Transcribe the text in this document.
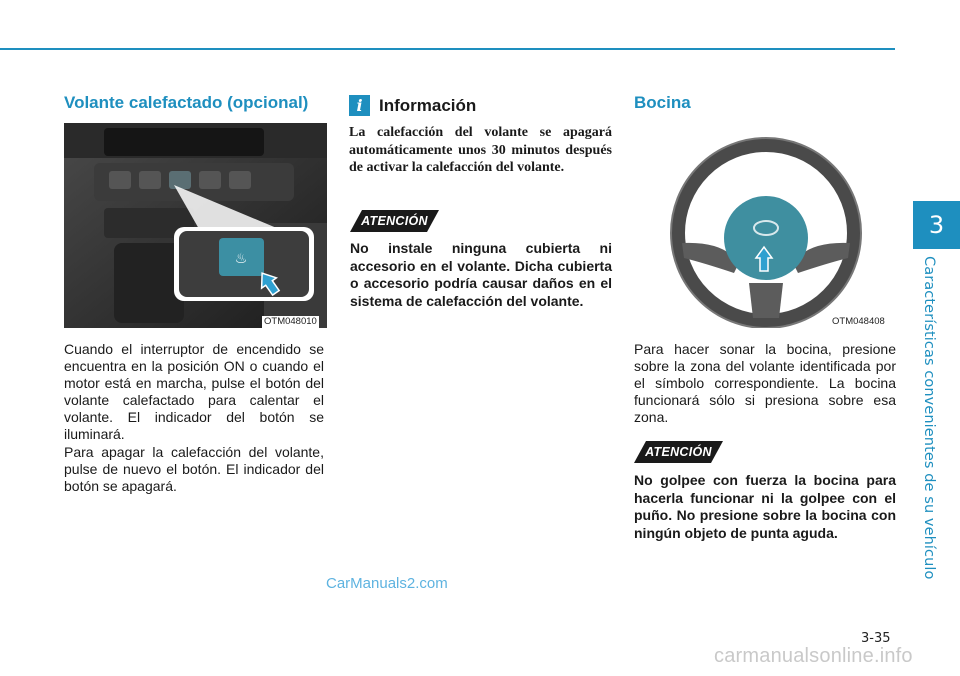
3
Características convenientes de su vehículo
Volante calefactado (opcional)
♨
OTM048010

Cuando el interruptor de encendido se encuentra en la posición ON o cuando el motor está en marcha, pulse el botón del volante calefactado para calentar el volante. El indicador del botón se iluminará.

Para apagar la calefacción del volante, pulse de nuevo el botón. El indicador del botón se apagará.

i Información

La calefacción del volante se apagará automáticamente unos 30 minutos después de activar la calefacción del volante.

ATENCIÓN

No instale ninguna cubierta ni accesorio en el volante. Dicha cubierta o accesorio podría causar daños en el sistema de calefacción del volante.

Bocina
OTM048408

Para hacer sonar la bocina, presione sobre la zona del volante identificada por el símbolo correspondiente. La bocina funcionará sólo si presiona sobre esa zona.

ATENCIÓN

No golpee con fuerza la bocina para hacerla funcionar ni la golpee con el puño. No presione sobre la bocina con ningún objeto de punta aguda.

3-35
CarManuals2.com
carmanualsonline.info
